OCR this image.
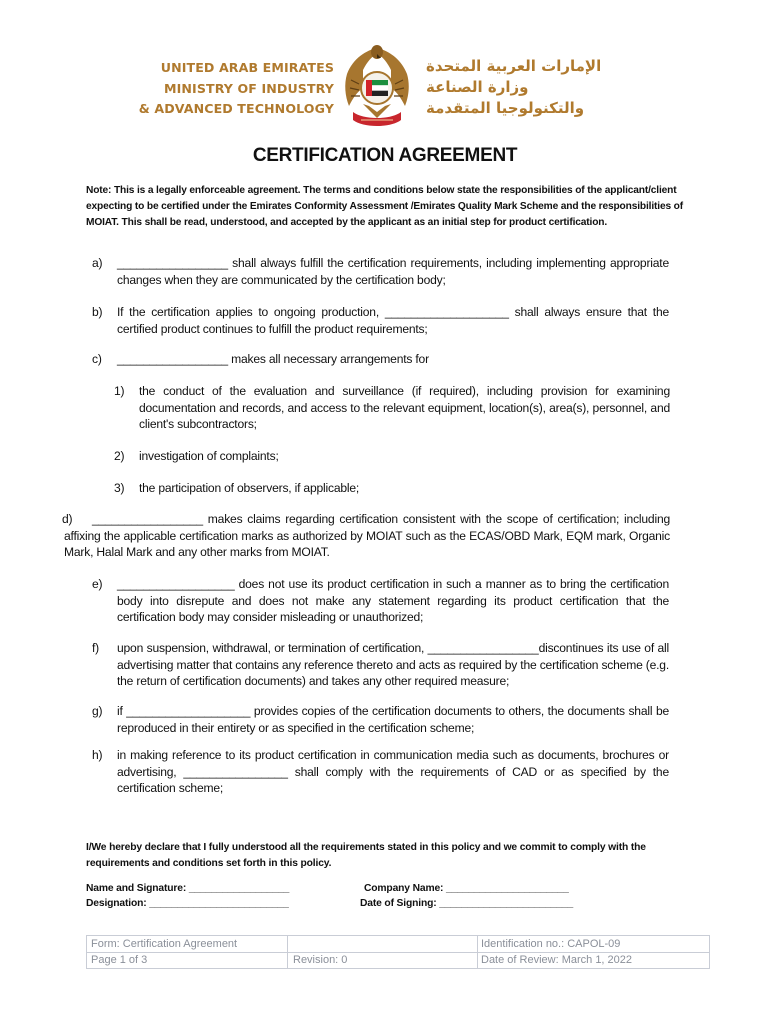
UNITED ARAB EMIRATES
MINISTRY OF INDUSTRY
& ADVANCED TECHNOLOGY
الإمارات العربية المتحدة
وزارة الصناعة
والتكنولوجيا المتقدمة
CERTIFICATION AGREEMENT

Note: This is a legally enforceable agreement. The terms and conditions below state the responsibilities of the applicant/client

expecting to be certified under the Emirates Conformity Assessment /Emirates Quality Mark Scheme and the responsibilities of

MOIAT. This shall be read, understood, and accepted by the applicant as an initial step for product certification.

a) _________________ shall always fulfill the certification requirements, including implementing appropriate changes when they are communicated by the certification body;
b) If the certification applies to ongoing production, ___________________ shall always ensure that the certified product continues to fulfill the product requirements;
c) _________________ makes all necessary arrangements for
1) the conduct of the evaluation and surveillance (if required), including provision for examining documentation and records, and access to the relevant equipment, location(s), area(s), personnel, and client's subcontractors;
2) investigation of complaints;
3) the participation of observers, if applicable;
d) _________________ makes claims regarding certification consistent with the scope of certification; including affixing the applicable certification marks as authorized by MOIAT such as the ECAS/OBD Mark, EQM mark, Organic Mark, Halal Mark and any other marks from MOIAT.
e) __________________ does not use its product certification in such a manner as to bring the certification body into disrepute and does not make any statement regarding its product certification that the certification body may consider misleading or unauthorized;
f) upon suspension, withdrawal, or termination of certification, _________________discontinues its use of all advertising matter that contains any reference thereto and acts as required by the certification scheme (e.g. the return of certification documents) and takes any other required measure;
g) if ___________________ provides copies of the certification documents to others, the documents shall be reproduced in their entirety or as specified in the certification scheme;
h) in making reference to its product certification in communication media such as documents, brochures or advertising, ________________ shall comply with the requirements of CAD or as specified by the certification scheme;
I/We hereby declare that I fully understood all the requirements stated in this policy and we commit to comply with the
requirements and conditions set forth in this policy.
Name and Signature: __________________
Designation: _________________________
Company Name: ______________________
Date of Signing: ________________________
Form: Certification Agreement
Page 1 of 3	Revision: 0
Identification no.: CAPOL-09
Date of Review: March 1, 2022
